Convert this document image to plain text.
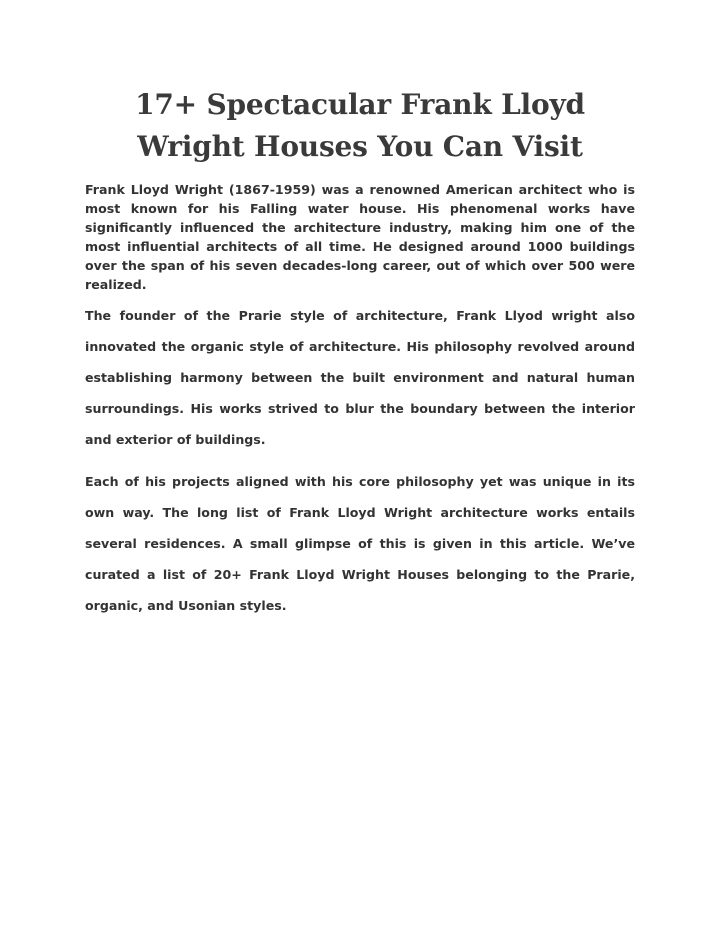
17+ Spectacular Frank Lloyd Wright Houses You Can Visit

Frank Lloyd Wright (1867-1959) was a renowned American architect who is most known for his Falling water house. His phenomenal works have significantly influenced the architecture industry, making him one of the most influential architects of all time. He designed around 1000 buildings over the span of his seven decades-long career, out of which over 500 were realized.

The founder of the Prarie style of architecture, Frank Llyod wright also innovated the organic style of architecture. His philosophy revolved around establishing harmony between the built environment and natural human surroundings. His works strived to blur the boundary between the interior and exterior of buildings.

Each of his projects aligned with his core philosophy yet was unique in its own way. The long list of Frank Lloyd Wright architecture works entails several residences. A small glimpse of this is given in this article. We’ve curated a list of 20+ Frank Lloyd Wright Houses belonging to the Prarie, organic, and Usonian styles.
